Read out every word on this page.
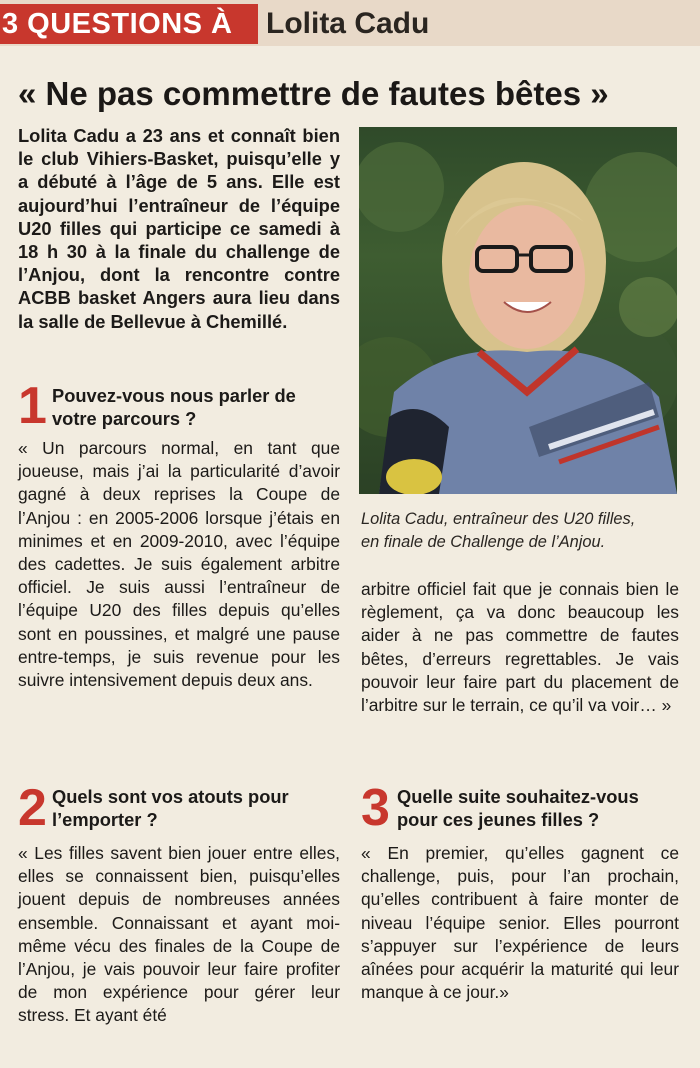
3 QUESTIONS À	Lolita Cadu
« Ne pas commettre de fautes bêtes »

Lolita Cadu a 23 ans et connaît bien le club Vihiers-Basket, puisqu’elle y a débuté à l’âge de 5 ans. Elle est aujourd’hui l’entraîneur de l’équipe U20 filles qui participe ce samedi à 18 h 30 à la finale du challenge de l’Anjou, dont la rencontre contre ACBB basket Angers aura lieu dans la salle de Bellevue à Chemillé.

Lolita Cadu, entraîneur des U20 filles,
en finale de Challenge de l’Anjou.
1 Pouvez-vous nous parler de votre parcours ?

« Un parcours normal, en tant que joueuse, mais j’ai la particularité d’avoir gagné à deux reprises la Coupe de l’Anjou : en 2005-2006 lorsque j’étais en minimes et en 2009-2010, avec l’équipe des cadettes. Je suis également arbitre officiel. Je suis aussi l’entraîneur de l’équipe U20 des filles depuis qu’elles sont en poussines, et malgré une pause entre-temps, je suis revenue pour les suivre intensivement depuis deux ans.

2 Quels sont vos atouts pour l’emporter ?

« Les filles savent bien jouer entre elles, elles se connaissent bien, puisqu’elles jouent depuis de nombreuses années ensemble. Connaissant et ayant moi-même vécu des finales de la Coupe de l’Anjou, je vais pouvoir leur faire profiter de mon expérience pour gérer leur stress. Et ayant été

arbitre officiel fait que je connais bien le règlement, ça va donc beaucoup les aider à ne pas commettre de fautes bêtes, d’erreurs regrettables. Je vais pouvoir leur faire part du placement de l’arbitre sur le terrain, ce qu’il va voir… »

3 Quelle suite souhaitez-vous pour ces jeunes filles ?

« En premier, qu’elles gagnent ce challenge, puis, pour l’an prochain, qu’elles contribuent à faire monter de niveau l’équipe senior. Elles pourront s’appuyer sur l’expérience de leurs aînées pour acquérir la maturité qui leur manque à ce jour.»
